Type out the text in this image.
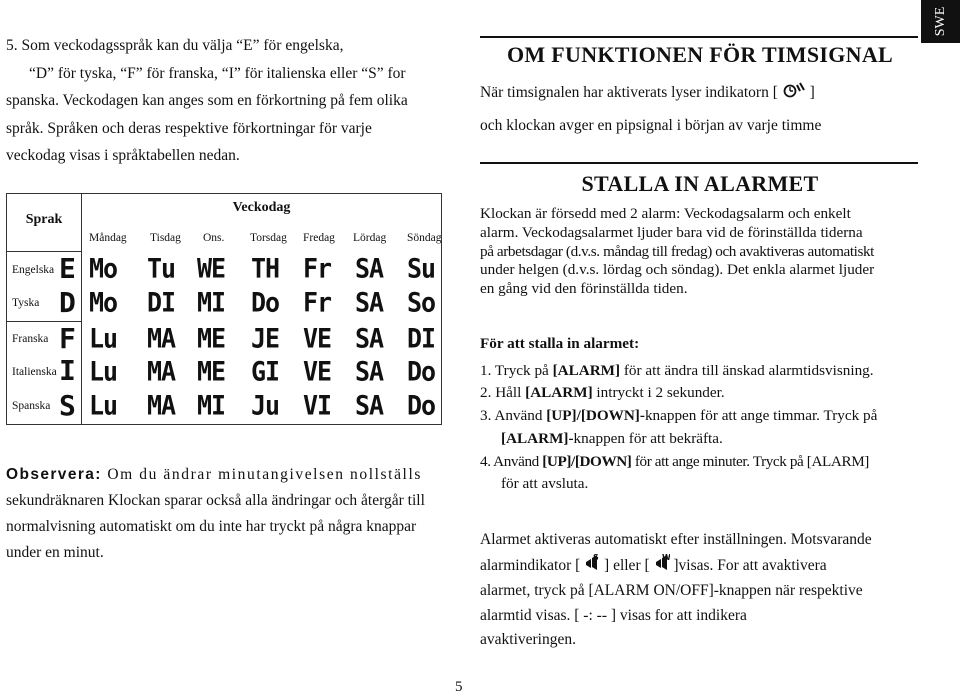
SWE
5. Som veckodagsspråk kan du välja “E” för engelska,
“D” för tyska, “F” för franska, “I” för italienska eller “S” for
spanska. Veckodagen kan anges som en förkortning på fem olika
språk. Språken och deras respektive förkortningar för varje
veckodag visas i språktabellen nedan.
Sprak
Veckodag
Måndag Tisdag Ons. Torsdag Fredag Lördag Söndag
Engelska E Mo Tu WE TH Fr SA Su
Tyska D Mo DI MI Do Fr SA So
Franska F Lu MA ME JE VE SA DI
Italienska I Lu MA ME GI VE SA Do
Spanska S Lu MA MI Ju VI SA Do
Observera: Om du ändrar minutangivelsen nollställs
sekundräknaren Klockan sparar också alla ändringar och återgår till
normalvisning automatiskt om du inte har tryckt på några knappar
under en minut.
OM FUNKTIONEN FÖR TIMSIGNAL
När timsignalen har aktiverats lyser indikatorn [ ]
och klockan avger en pipsignal i början av varje timme
STALLA IN ALARMET
Klockan är försedd med 2 alarm: Veckodagsalarm och enkelt
alarm. Veckodagsalarmet ljuder bara vid de förinställda tiderna
på arbetsdagar (d.v.s. måndag till fredag) och avaktiveras automatiskt
under helgen (d.v.s. lördag och söndag). Det enkla alarmet ljuder
en gång vid den förinställda tiden.
För att stalla in alarmet:
1. Tryck på [ALARM] för att ändra till änskad alarmtidsvisning.
2. Håll [ALARM] intryckt i 2 sekunder.
3. Använd [UP]/[DOWN]-knappen för att ange timmar. Tryck på
[ALARM]-knappen för att bekräfta.
4. Använd [UP]/[DOWN] för att ange minuter. Tryck på [ALARM]
för att avsluta.
Alarmet aktiveras automatiskt efter inställningen. Motsvarande
alarmindikator [ S ] eller [ W ]visas. For att avaktivera
alarmet, tryck på [ALARM ON/OFF]-knappen när respektive
alarmtid visas. [ -: -- ] visas for att indikera
avaktiveringen.
5
